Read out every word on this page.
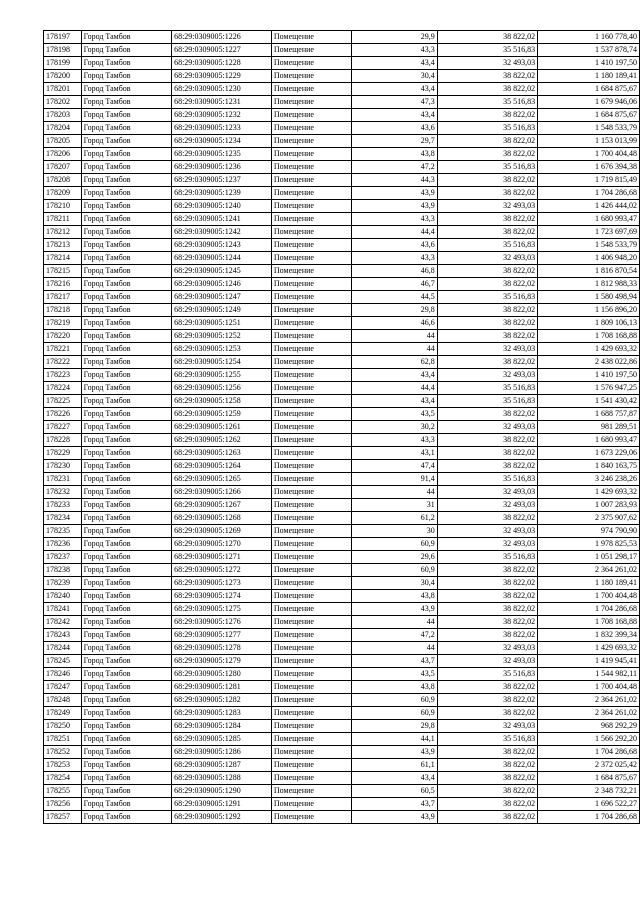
178197	Город Тамбов	68:29:0309005:1226	Помещение	29,9	38 822,02	1 160 778,40
178198	Город Тамбов	68:29:0309005:1227	Помещение	43,3	35 516,83	1 537 878,74
178199	Город Тамбов	68:29:0309005:1228	Помещение	43,4	32 493,03	1 410 197,50
178200	Город Тамбов	68:29:0309005:1229	Помещение	30,4	38 822,02	1 180 189,41
178201	Город Тамбов	68:29:0309005:1230	Помещение	43,4	38 822,02	1 684 875,67
178202	Город Тамбов	68:29:0309005:1231	Помещение	47,3	35 516,83	1 679 946,06
178203	Город Тамбов	68:29:0309005:1232	Помещение	43,4	38 822,02	1 684 875,67
178204	Город Тамбов	68:29:0309005:1233	Помещение	43,6	35 516,83	1 548 533,79
178205	Город Тамбов	68:29:0309005:1234	Помещение	29,7	38 822,02	1 153 013,99
178206	Город Тамбов	68:29:0309005:1235	Помещение	43,8	38 822,02	1 700 404,48
178207	Город Тамбов	68:29:0309005:1236	Помещение	47,2	35 516,83	1 676 394,38
178208	Город Тамбов	68:29:0309005:1237	Помещение	44,3	38 822,02	1 719 815,49
178209	Город Тамбов	68:29:0309005:1239	Помещение	43,9	38 822,02	1 704 286,68
178210	Город Тамбов	68:29:0309005:1240	Помещение	43,9	32 493,03	1 426 444,02
178211	Город Тамбов	68:29:0309005:1241	Помещение	43,3	38 822,02	1 680 993,47
178212	Город Тамбов	68:29:0309005:1242	Помещение	44,4	38 822,02	1 723 697,69
178213	Город Тамбов	68:29:0309005:1243	Помещение	43,6	35 516,83	1 548 533,79
178214	Город Тамбов	68:29:0309005:1244	Помещение	43,3	32 493,03	1 406 948,20
178215	Город Тамбов	68:29:0309005:1245	Помещение	46,8	38 822,02	1 816 870,54
178216	Город Тамбов	68:29:0309005:1246	Помещение	46,7	38 822,02	1 812 988,33
178217	Город Тамбов	68:29:0309005:1247	Помещение	44,5	35 516,83	1 580 498,94
178218	Город Тамбов	68:29:0309005:1249	Помещение	29,8	38 822,02	1 156 896,20
178219	Город Тамбов	68:29:0309005:1251	Помещение	46,6	38 822,02	1 809 106,13
178220	Город Тамбов	68:29:0309005:1252	Помещение	44	38 822,02	1 708 168,88
178221	Город Тамбов	68:29:0309005:1253	Помещение	44	32 493,03	1 429 693,32
178222	Город Тамбов	68:29:0309005:1254	Помещение	62,8	38 822,02	2 438 022,86
178223	Город Тамбов	68:29:0309005:1255	Помещение	43,4	32 493,03	1 410 197,50
178224	Город Тамбов	68:29:0309005:1256	Помещение	44,4	35 516,83	1 576 947,25
178225	Город Тамбов	68:29:0309005:1258	Помещение	43,4	35 516,83	1 541 430,42
178226	Город Тамбов	68:29:0309005:1259	Помещение	43,5	38 822,02	1 688 757,87
178227	Город Тамбов	68:29:0309005:1261	Помещение	30,2	32 493,03	981 289,51
178228	Город Тамбов	68:29:0309005:1262	Помещение	43,3	38 822,02	1 680 993,47
178229	Город Тамбов	68:29:0309005:1263	Помещение	43,1	38 822,02	1 673 229,06
178230	Город Тамбов	68:29:0309005:1264	Помещение	47,4	38 822,02	1 840 163,75
178231	Город Тамбов	68:29:0309005:1265	Помещение	91,4	35 516,83	3 246 238,26
178232	Город Тамбов	68:29:0309005:1266	Помещение	44	32 493,03	1 429 693,32
178233	Город Тамбов	68:29:0309005:1267	Помещение	31	32 493,03	1 007 283,93
178234	Город Тамбов	68:29:0309005:1268	Помещение	61,2	38 822,02	2 375 907,62
178235	Город Тамбов	68:29:0309005:1269	Помещение	30	32 493,03	974 790,90
178236	Город Тамбов	68:29:0309005:1270	Помещение	60,9	32 493,03	1 978 825,53
178237	Город Тамбов	68:29:0309005:1271	Помещение	29,6	35 516,83	1 051 298,17
178238	Город Тамбов	68:29:0309005:1272	Помещение	60,9	38 822,02	2 364 261,02
178239	Город Тамбов	68:29:0309005:1273	Помещение	30,4	38 822,02	1 180 189,41
178240	Город Тамбов	68:29:0309005:1274	Помещение	43,8	38 822,02	1 700 404,48
178241	Город Тамбов	68:29:0309005:1275	Помещение	43,9	38 822,02	1 704 286,68
178242	Город Тамбов	68:29:0309005:1276	Помещение	44	38 822,02	1 708 168,88
178243	Город Тамбов	68:29:0309005:1277	Помещение	47,2	38 822,02	1 832 399,34
178244	Город Тамбов	68:29:0309005:1278	Помещение	44	32 493,03	1 429 693,32
178245	Город Тамбов	68:29:0309005:1279	Помещение	43,7	32 493,03	1 419 945,41
178246	Город Тамбов	68:29:0309005:1280	Помещение	43,5	35 516,83	1 544 982,11
178247	Город Тамбов	68:29:0309005:1281	Помещение	43,8	38 822,02	1 700 404,48
178248	Город Тамбов	68:29:0309005:1282	Помещение	60,9	38 822,02	2 364 261,02
178249	Город Тамбов	68:29:0309005:1283	Помещение	60,9	38 822,02	2 364 261,02
178250	Город Тамбов	68:29:0309005:1284	Помещение	29,8	32 493,03	968 292,29
178251	Город Тамбов	68:29:0309005:1285	Помещение	44,1	35 516,83	1 566 292,20
178252	Город Тамбов	68:29:0309005:1286	Помещение	43,9	38 822,02	1 704 286,68
178253	Город Тамбов	68:29:0309005:1287	Помещение	61,1	38 822,02	2 372 025,42
178254	Город Тамбов	68:29:0309005:1288	Помещение	43,4	38 822,02	1 684 875,67
178255	Город Тамбов	68:29:0309005:1290	Помещение	60,5	38 822,02	2 348 732,21
178256	Город Тамбов	68:29:0309005:1291	Помещение	43,7	38 822,02	1 696 522,27
178257	Город Тамбов	68:29:0309005:1292	Помещение	43,9	38 822,02	1 704 286,68
